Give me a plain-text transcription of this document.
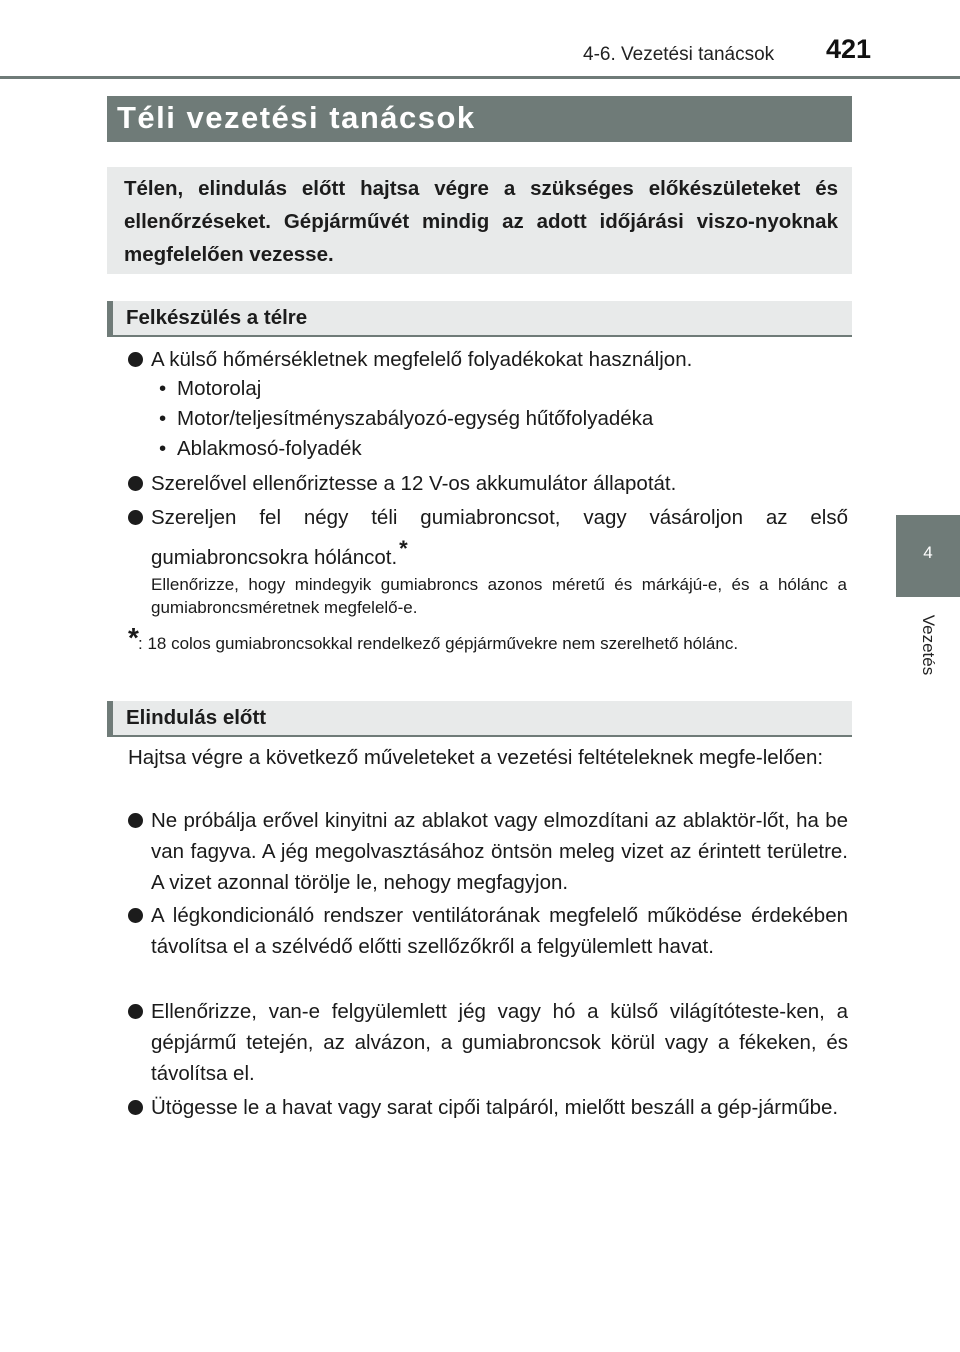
4-6. Vezetési tanácsok 421
4
Vezetés
Téli vezetési tanácsok

Télen, elindulás előtt hajtsa végre a szükséges előkészületeket és ellenőrzéseket. Gépjárművét mindig az adott időjárási viszo-nyoknak megfelelően vezesse.

Felkészülés a télre
A külső hőmérsékletnek megfelelő folyadékokat használjon.
• Motorolaj
• Motor/teljesítményszabályozó-egység hűtőfolyadéka
• Ablakmosó-folyadék
Szerelővel ellenőriztesse a 12 V-os akkumulátor állapotát.
Szereljen fel négy téli gumiabroncsot, vagy vásároljon az első gumiabroncsokra hóláncot.*
Ellenőrizze, hogy mindegyik gumiabroncs azonos méretű és márkájú-e, és a hólánc a gumiabroncsméretnek megfelelő-e.
* : 18 colos gumiabroncsokkal rendelkező gépjárművekre nem szerelhető hólánc.
Elindulás előtt
Hajtsa végre a következő műveleteket a vezetési feltételeknek megfe-lelően:
Ne próbálja erővel kinyitni az ablakot vagy elmozdítani az ablaktör-lőt, ha be van fagyva. A jég megolvasztásához öntsön meleg vizet az érintett területre. A vizet azonnal törölje le, nehogy megfagyjon.
A légkondicionáló rendszer ventilátorának megfelelő működése érdekében távolítsa el a szélvédő előtti szellőzőkről a felgyülemlett havat.
Ellenőrizze, van-e felgyülemlett jég vagy hó a külső világítóteste-ken, a gépjármű tetején, az alvázon, a gumiabroncsok körül vagy a fékeken, és távolítsa el.
Ütögesse le a havat vagy sarat cipői talpáról, mielőtt beszáll a gép-járműbe.
